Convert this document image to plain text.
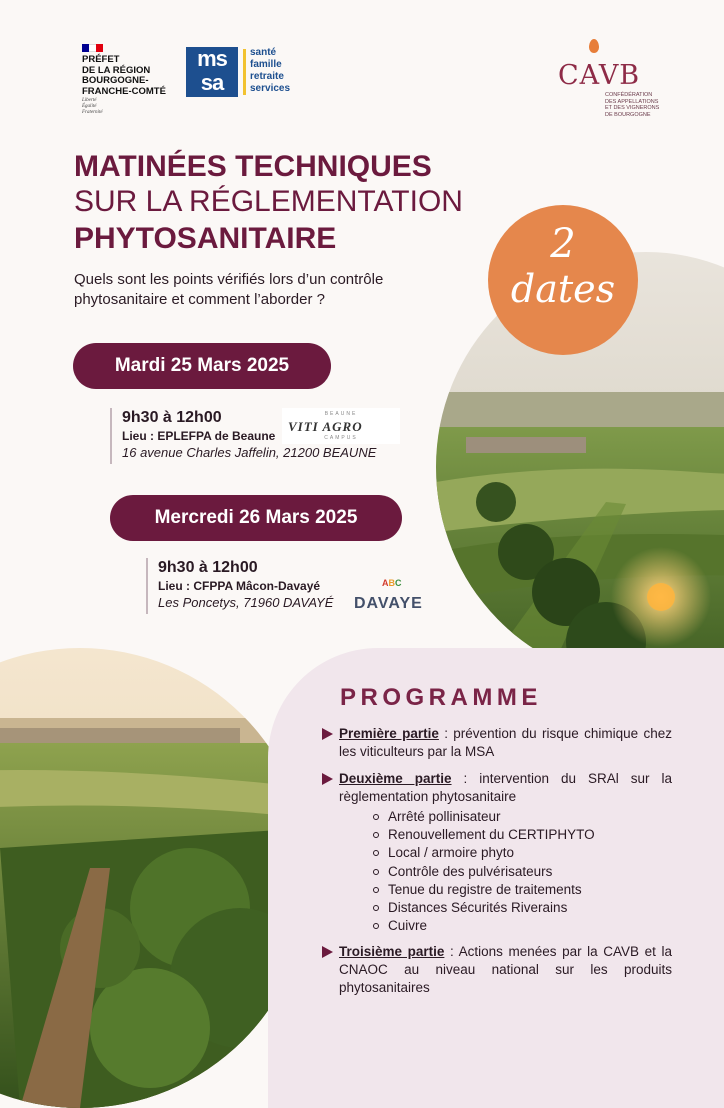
PRÉFET
DE LA RÉGION
BOURGOGNE-
FRANCHE-COMTÉ
Liberté
Égalité
Fraternité
ms
sa
santé
famille
retraite
services	CAVB
CONFÉDÉRATION DES APPELLATIONS ET DES VIGNERONS DE BOURGOGNE
MATINÉES TECHNIQUES
SUR LA RÉGLEMENTATION
PHYTOSANITAIRE
Quels sont les points vérifiés lors d’un contrôle phytosanitaire et comment l’aborder ?
2
dates
Mardi 25 Mars 2025
9h30 à 12h00
Lieu : EPLEFPA de Beaune
16 avenue Charles Jaffelin, 21200 BEAUNE
BEAUNE
VITI AGRO
CAMPUS
Mercredi 26 Mars 2025
9h30 à 12h00
Lieu : CFPPA Mâcon-Davayé
Les Poncetys, 71960 DAVAYÉ
ABC
DAVAYE
PROGRAMME
Première partie : prévention du risque chimique chez les viticulteurs par la MSA
Deuxième partie : intervention du SRAl sur la règlementation phytosanitaire
Arrêté pollinisateur
Renouvellement du CERTIPHYTO
Local / armoire phyto
Contrôle des pulvérisateurs
Tenue du registre de traitements
Distances Sécurités Riverains
Cuivre
Troisième partie : Actions menées par la CAVB et la CNAOC au niveau national sur les produits phytosanitaires
